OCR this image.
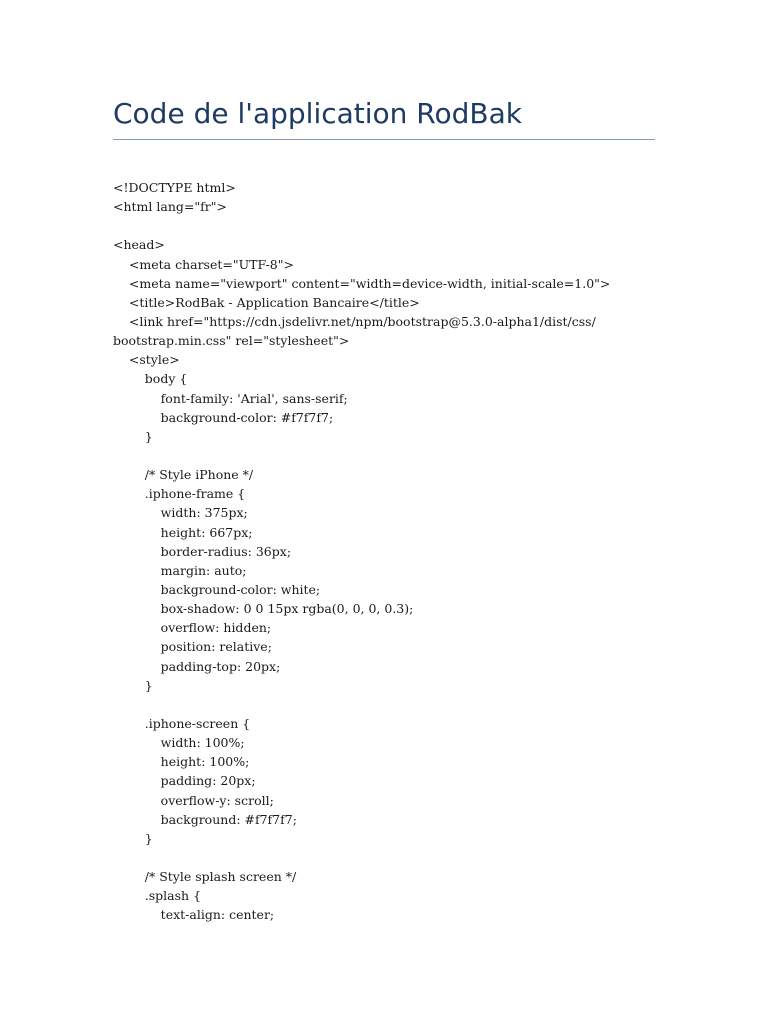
Code de l'application RodBak
<!DOCTYPE html>
<html lang="fr">
<head>
<meta charset="UTF-8">
<meta name="viewport" content="width=device-width, initial-scale=1.0">
<title>RodBak - Application Bancaire</title>
<link href="https://cdn.jsdelivr.net/npm/bootstrap@5.3.0-alpha1/dist/css/
bootstrap.min.css" rel="stylesheet">
<style>
body {
font-family: 'Arial', sans-serif;
background-color: #f7f7f7;
}
/* Style iPhone */
.iphone-frame {
width: 375px;
height: 667px;
border-radius: 36px;
margin: auto;
background-color: white;
box-shadow: 0 0 15px rgba(0, 0, 0, 0.3);
overflow: hidden;
position: relative;
padding-top: 20px;
}
.iphone-screen {
width: 100%;
height: 100%;
padding: 20px;
overflow-y: scroll;
background: #f7f7f7;
}
/* Style splash screen */
.splash {
text-align: center;
